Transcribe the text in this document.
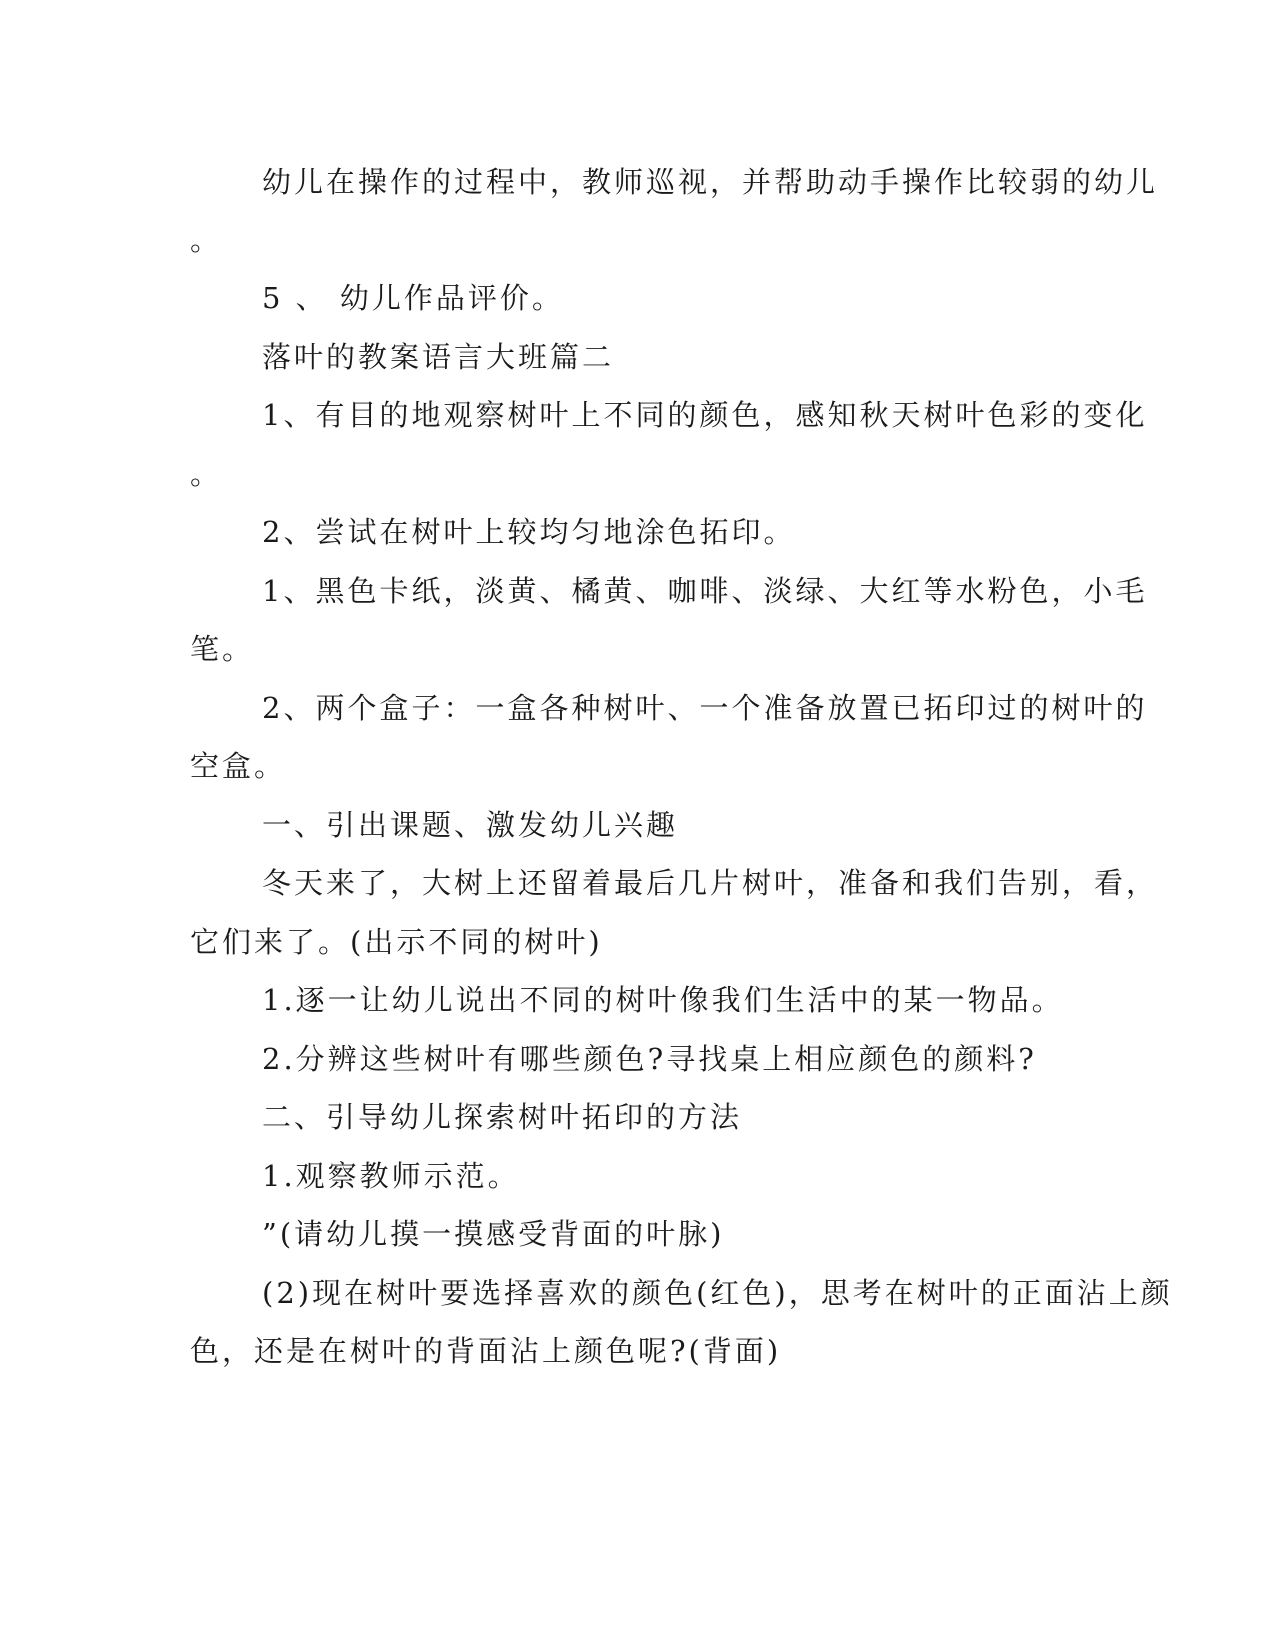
幼儿在操作的过程中，教师巡视，并帮助动手操作比较弱的幼儿
。
5 、 幼儿作品评价。
落叶的教案语言大班篇二
1、有目的地观察树叶上不同的颜色，感知秋天树叶色彩的变化
。
2、尝试在树叶上较均匀地涂色拓印。
1、黑色卡纸，淡黄、橘黄、咖啡、淡绿、大红等水粉色，小毛
笔。
2、两个盒子：一盒各种树叶、一个准备放置已拓印过的树叶的
空盒。
一、引出课题、激发幼儿兴趣
冬天来了，大树上还留着最后几片树叶，准备和我们告别，看，
它们来了。(出示不同的树叶)
1.逐一让幼儿说出不同的树叶像我们生活中的某一物品。
2.分辨这些树叶有哪些颜色?寻找桌上相应颜色的颜料?
二、引导幼儿探索树叶拓印的方法
1.观察教师示范。
”(请幼儿摸一摸感受背面的叶脉)
(2)现在树叶要选择喜欢的颜色(红色)，思考在树叶的正面沾上颜
色，还是在树叶的背面沾上颜色呢?(背面)
